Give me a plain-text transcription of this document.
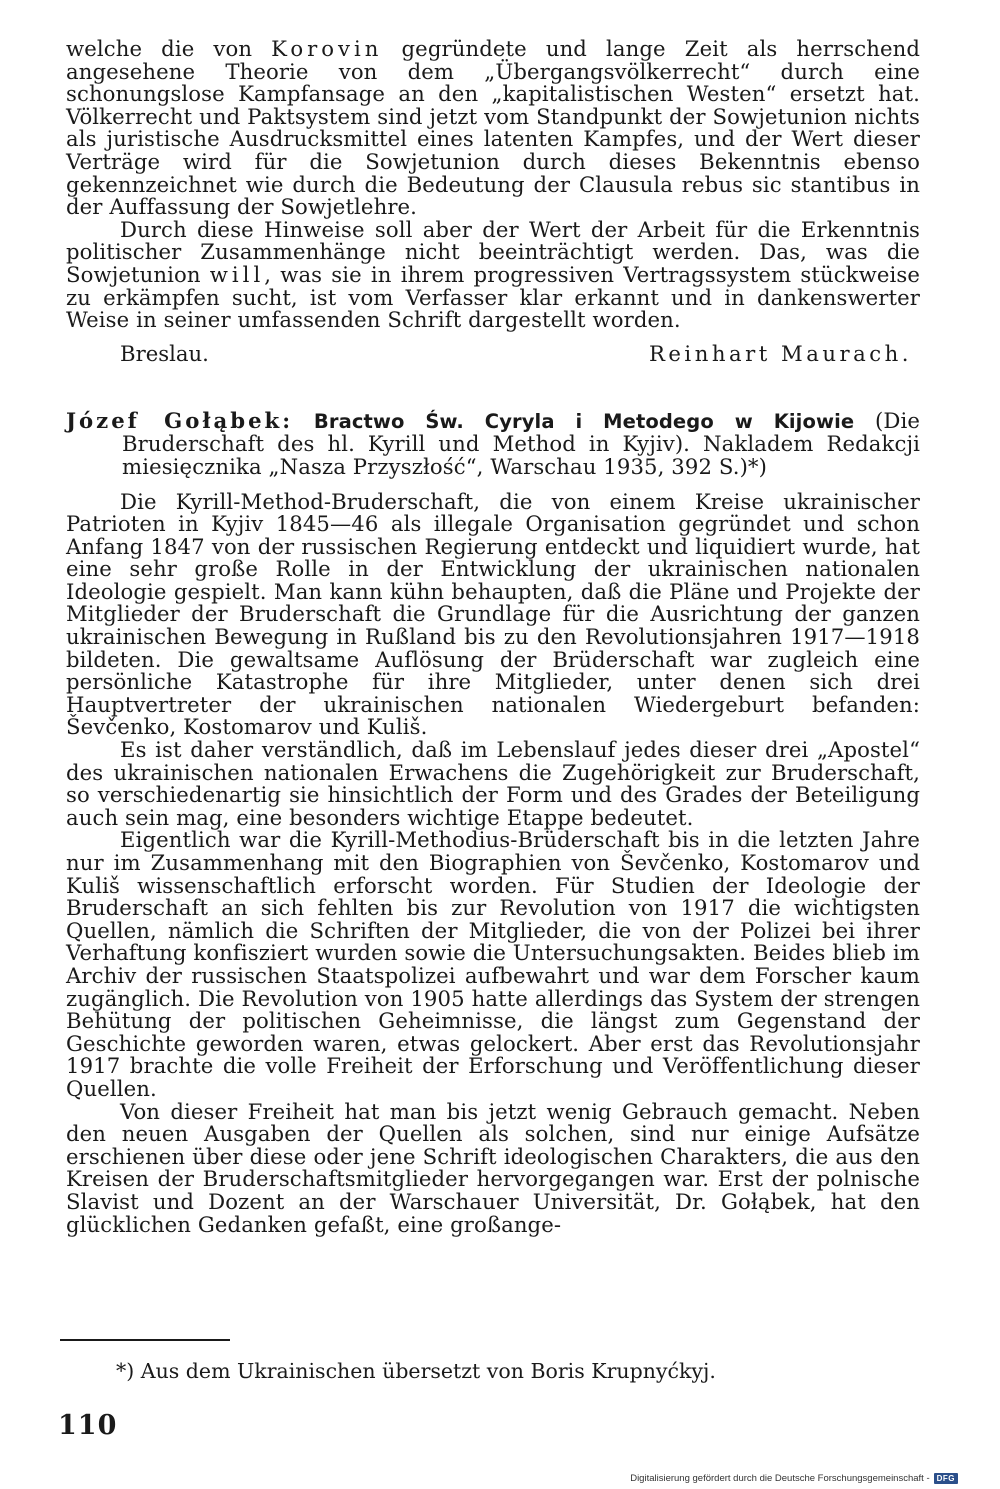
welche die von Korovin gegründete und lange Zeit als herrschend angesehene Theorie von dem „Übergangsvölkerrecht“ durch eine schonungslose Kampfansage an den „kapitalistischen Westen“ ersetzt hat. Völkerrecht und Paktsystem sind jetzt vom Standpunkt der Sowjetunion nichts als juristische Ausdrucksmittel eines latenten Kampfes, und der Wert dieser Verträge wird für die Sowjetunion durch dieses Bekenntnis ebenso gekennzeichnet wie durch die Bedeutung der Clausula rebus sic stantibus in der Auffassung der Sowjetlehre.

Durch diese Hinweise soll aber der Wert der Arbeit für die Erkenntnis politischer Zusammenhänge nicht beeinträchtigt werden. Das, was die Sowjetunion will, was sie in ihrem progressiven Vertragssystem stückweise zu erkämpfen sucht, ist vom Verfasser klar erkannt und in dankenswerter Weise in seiner umfassenden Schrift dargestellt worden.

Breslau.	Reinhart Maurach.

Józef Gołąbek: Bractwo Św. Cyryla i Metodego w Kijowie (Die Bruderschaft des hl. Kyrill und Method in Kyjiv). Nakladem Redakcji miesięcznika „Nasza Przyszłość“, Warschau 1935, 392 S.)*)

Die Kyrill-Method-Bruderschaft, die von einem Kreise ukrainischer Patrioten in Kyjiv 1845—46 als illegale Organisation gegründet und schon Anfang 1847 von der russischen Regierung entdeckt und liquidiert wurde, hat eine sehr große Rolle in der Entwicklung der ukrainischen nationalen Ideologie gespielt. Man kann kühn behaupten, daß die Pläne und Projekte der Mitglieder der Bruderschaft die Grundlage für die Ausrichtung der ganzen ukrainischen Bewegung in Rußland bis zu den Revolutionsjahren 1917—1918 bildeten. Die gewaltsame Auflösung der Brüderschaft war zugleich eine persönliche Katastrophe für ihre Mitglieder, unter denen sich drei Hauptvertreter der ukrainischen nationalen Wiedergeburt befanden: Ševčenko, Kostomarov und Kuliš.

Es ist daher verständlich, daß im Lebenslauf jedes dieser drei „Apostel“ des ukrainischen nationalen Erwachens die Zugehörigkeit zur Bruderschaft, so verschiedenartig sie hinsichtlich der Form und des Grades der Beteiligung auch sein mag, eine besonders wichtige Etappe bedeutet.

Eigentlich war die Kyrill-Methodius-Brüderschaft bis in die letzten Jahre nur im Zusammenhang mit den Biographien von Ševčenko, Kostomarov und Kuliš wissenschaftlich erforscht worden. Für Studien der Ideologie der Bruderschaft an sich fehlten bis zur Revolution von 1917 die wichtigsten Quellen, nämlich die Schriften der Mitglieder, die von der Polizei bei ihrer Verhaftung konfisziert wurden sowie die Untersuchungsakten. Beides blieb im Archiv der russischen Staatspolizei aufbewahrt und war dem Forscher kaum zugänglich. Die Revolution von 1905 hatte allerdings das System der strengen Behütung der politischen Geheimnisse, die längst zum Gegenstand der Geschichte geworden waren, etwas gelockert. Aber erst das Revolutionsjahr 1917 brachte die volle Freiheit der Erforschung und Veröffentlichung dieser Quellen.

Von dieser Freiheit hat man bis jetzt wenig Gebrauch gemacht. Neben den neuen Ausgaben der Quellen als solchen, sind nur einige Aufsätze erschienen über diese oder jene Schrift ideologischen Charakters, die aus den Kreisen der Bruderschaftsmitglieder hervorgegangen war. Erst der polnische Slavist und Dozent an der Warschauer Universität, Dr. Gołąbek, hat den glücklichen Gedanken gefaßt, eine großange-

*) Aus dem Ukrainischen übersetzt von Boris Krupnyćkyj.
110
Digitalisierung gefördert durch die Deutsche Forschungsgemeinschaft - DFG
